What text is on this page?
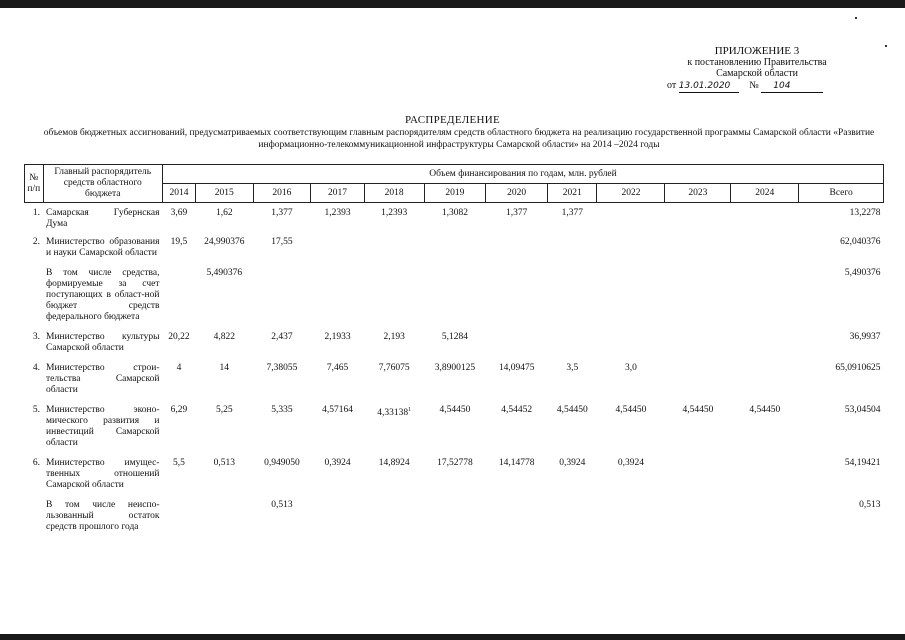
ПРИЛОЖЕНИЕ 3
к постановлению Правительства
Самарской области
от 13.01.2020 № 104
РАСПРЕДЕЛЕНИЕ
объемов бюджетных ассигнований, предусматриваемых соответствующим главным распорядителям средств областного бюджета на реализацию государственной программы Самарской области «Развитие информационно-телекоммуникационной инфраструктуры Самарской области» на 2014 –2024 годы
№ п/п	Главный распорядитель средств областного бюджета	Объем финансирования по годам, млн. рублей											
		2014	2015	2016	2017	2018	2019	2020	2021	2022	2023	2024	Всего
1.	Самарская Губернская Дума	3,69	1,62	1,377	1,2393	1,2393	1,3082	1,377	1,377				13,2278
2.	Министерство образования и науки Самарской области	19,5	24,990376	17,55									62,040376
	В том числе средства, формируемые за счет поступающих в област-ной бюджет средств федерального бюджета		5,490376										5,490376
3.	Министерство культуры Самарской области	20,22	4,822	2,437	2,1933	2,193	5,1284						36,9937
4.	Министерство строи-тельства Самарской области	4	14	7,38055	7,465	7,76075	3,8900125	14,09475	3,5	3,0			65,0910625
5.	Министерство эконо-мического развития и инвестиций Самарской области	6,29	5,25	5,335	4,57164	4,33138$^1$	4,54450	4,54452	4,54450	4,54450	4,54450	4,54450	53,04504
6.	Министерство имущес-твенных отношений Самарской области	5,5	0,513	0,949050	0,3924	14,8924	17,52778	14,14778	0,3924	0,3924			54,19421
	В том числе неиспо-льзованный остаток средств прошлого года			0,513									0,513
